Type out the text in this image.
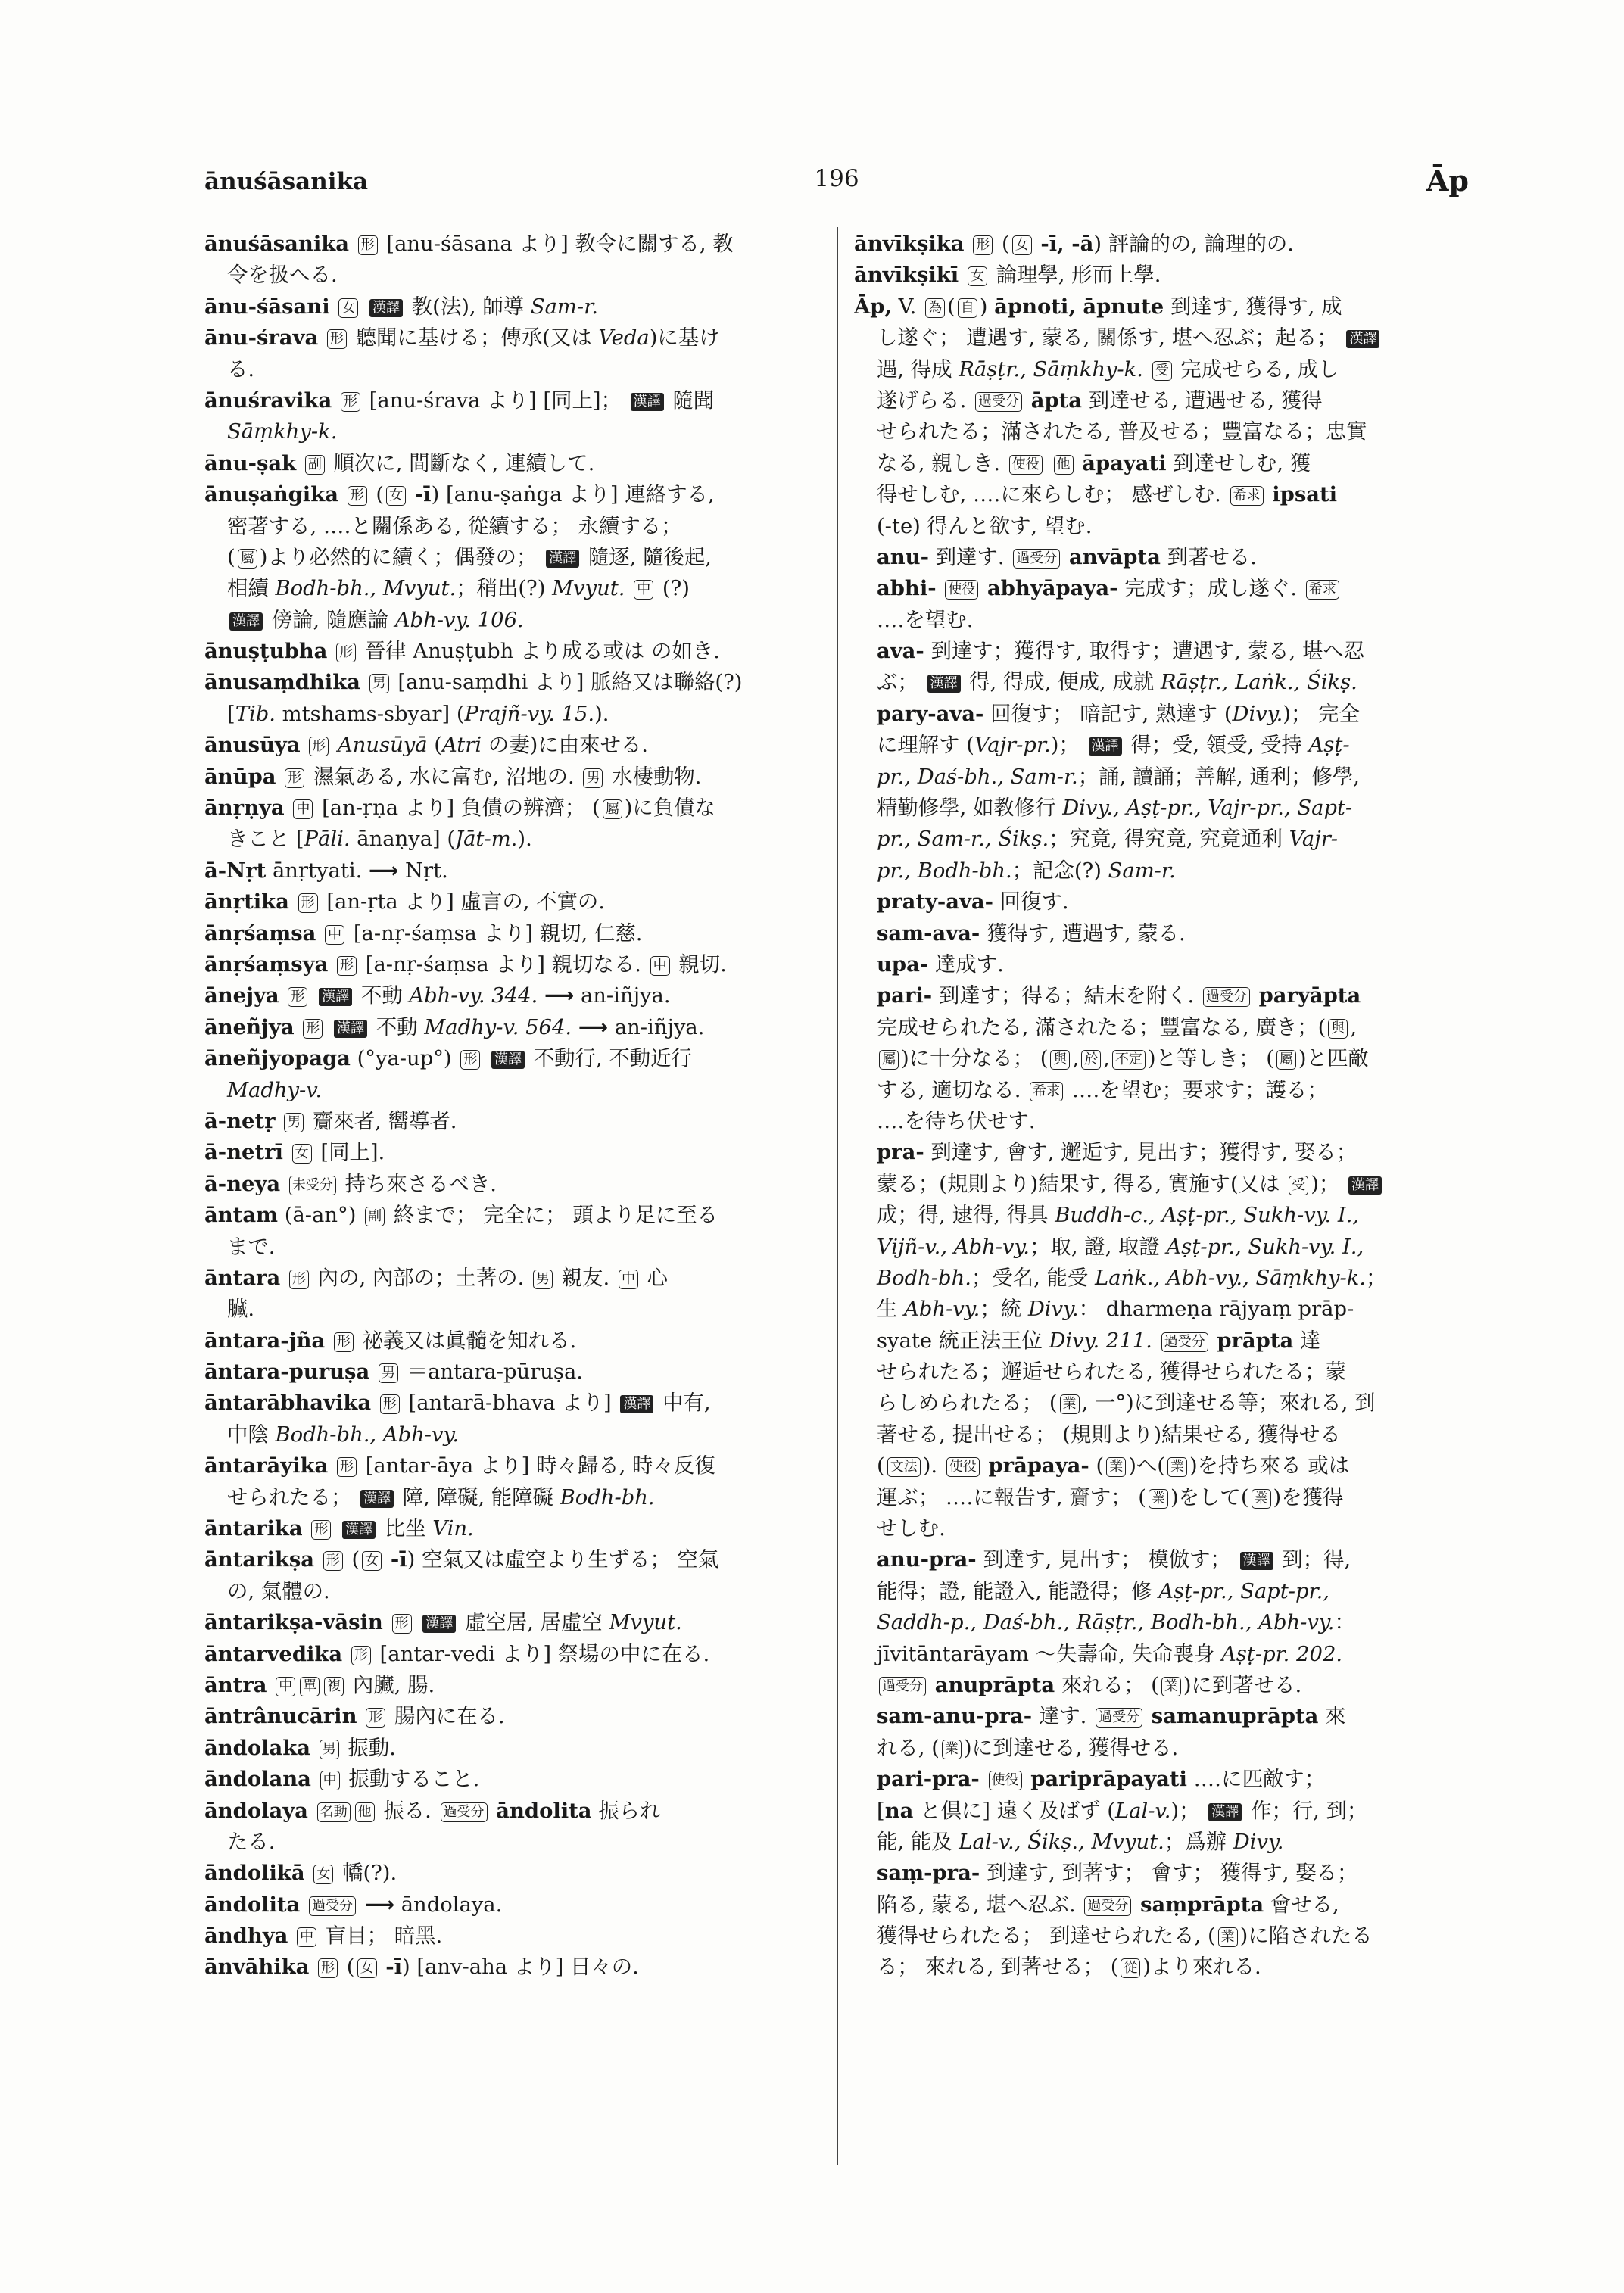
ānuśāsanika	196	Āp
ānuśāsanika 形 [anu-śāsana より] 教令に關する, 教
令を扱へる.
ānu-śāsani 女 漢譯 教(法), 師導 Sam-r.
ānu-śrava 形 聽聞に基ける；傳承(又は Veda)に基け
る.
ānuśravika 形 [anu-śrava より] [同上]； 漢譯 隨聞
Sāṃkhy-k.
ānu-ṣak 副 順次に, 間斷なく, 連續して.
ānuṣaṅgika 形 ( 女 -ī) [anu-ṣaṅga より] 連絡する,
密著する, ‥‥と關係ある, 從續する； 永續する；
( 屬 )より必然的に續く；偶發の； 漢譯 隨逐, 隨後起,
相續 Bodh-bh., Mvyut.；稍出(?) Mvyut. 中 (?)
漢譯 傍論, 隨應論 Abh-vy. 106.
ānuṣṭubha 形 晉律 Anuṣṭubh より成る或は の如き.
ānusaṃdhika 男 [anu-saṃdhi より] 脈絡又は聯絡(?)
[Tib. mtshams-sbyar] (Prajñ-vy. 15.).
ānusūya 形 Anusūyā (Atri の妻)に由來せる.
ānūpa 形 濕氣ある, 水に富む, 沼地の. 男 水棲動物.
ānṛṇya 中 [an-ṛṇa より] 負債の辨濟； ( 屬 )に負債な
きこと [Pāli. ānaṇya] (Jāt-m.).
ā-Nṛt ānṛtyati. ⟶ Nṛt.
ānṛtika 形 [an-ṛta より] 虛言の, 不實の.
ānṛśaṃsa 中 [a-nṛ-śaṃsa より] 親切, 仁慈.
ānṛśaṃsya 形 [a-nṛ-śaṃsa より] 親切なる. 中 親切.
ānejya 形 漢譯 不動 Abh-vy. 344. ⟶ an-iñjya.
āneñjya 形 漢譯 不動 Madhy-v. 564. ⟶ an-iñjya.
āneñjyopaga (°ya-up°) 形 漢譯 不動行, 不動近行
Madhy-v.
ā-netṛ 男 齎來者, 嚮導者.
ā-netrī 女 [同上].
ā-neya 未受分 持ち來さるべき.
āntam (ā-an°) 副 終まで； 完全に； 頭より足に至る
まで.
āntara 形 內の, 內部の；土著の. 男 親友. 中 心
臟.
āntara-jña 形 祕義又は眞髓を知れる.
āntara-puruṣa 男 ＝antara-pūruṣa.
āntarābhavika 形 [antarā-bhava より] 漢譯 中有,
中陰 Bodh-bh., Abh-vy.
āntarāyika 形 [antar-āya より] 時々歸る, 時々反復
せられたる； 漢譯 障, 障礙, 能障礙 Bodh-bh.
āntarika 形 漢譯 比坐 Vin.
āntarikṣa 形 ( 女 -ī) 空氣又は虛空より生ずる； 空氣
の, 氣體の.
āntarikṣa-vāsin 形 漢譯 虛空居, 居虛空 Mvyut.
āntarvedika 形 [antar-vedi より] 祭場の中に在る.
āntra 中 單 複 內臟, 腸.
āntrânucārin 形 腸內に在る.
āndolaka 男 振動.
āndolana 中 振動すること.
āndolaya 名動 他 振る. 過受分 āndolita 振られ
たる.
āndolikā 女 轎(?).
āndolita 過受分 ⟶ āndolaya.
āndhya 中 盲目； 暗黑.
ānvāhika 形 ( 女 -ī) [anv-aha より] 日々の.
ānvīkṣika 形 ( 女 -ī, -ā) 評論的の, 論理的の.
ānvīkṣikī 女 論理學, 形而上學.
Āp, V. 為 ( 自 ) āpnoti, āpnute 到達す, 獲得す, 成
し遂ぐ； 遭遇す, 蒙る, 關係す, 堪へ忍ぶ；起る； 漢譯
遇, 得成 Rāṣṭr., Sāṃkhy-k. 受 完成せらる, 成し
遂げらる. 過受分 āpta 到達せる, 遭遇せる, 獲得
せられたる；滿されたる, 普及せる；豐富なる；忠實
なる, 親しき. 使役 他 āpayati 到達せしむ, 獲
得せしむ, ‥‥に來らしむ； 感ぜしむ. 希求 ipsati
(-te) 得んと欲す, 望む.
anu- 到達す. 過受分 anvāpta 到著せる.
abhi- 使役 abhyāpaya- 完成す；成し遂ぐ. 希求
‥‥を望む.
ava- 到達す；獲得す, 取得す；遭遇す, 蒙る, 堪へ忍
ぶ； 漢譯 得, 得成, 便成, 成就 Rāṣṭr., Laṅk., Śikṣ.
pary-ava- 回復す； 暗記す, 熟達す (Divy.)； 完全
に理解す (Vajr-pr.)； 漢譯 得；受, 領受, 受持 Aṣṭ-
pr., Daś-bh., Sam-r.；誦, 讀誦；善解, 通利；修學,
精勤修學, 如教修行 Divy., Aṣṭ-pr., Vajr-pr., Sapt-
pr., Sam-r., Śikṣ.；究竟, 得究竟, 究竟通利 Vajr-
pr., Bodh-bh.；記念(?) Sam-r.
praty-ava- 回復す.
sam-ava- 獲得す, 遭遇す, 蒙る.
upa- 達成す.
pari- 到達す；得る；結末を附く. 過受分 paryāpta
完成せられたる, 滿されたる；豐富なる, 廣き；( 與 ,
屬 )に十分なる； ( 與 , 於 , 不定 )と等しき； ( 屬 )と匹敵
する, 適切なる. 希求 ‥‥を望む；要求す；護る；
‥‥を待ち伏せす.
pra- 到達す, 會す, 邂逅す, 見出す；獲得す, 娶る；
蒙る；(規則より)結果す, 得る, 實施す(又は 受 )； 漢譯
成；得, 逮得, 得具 Buddh-c., Aṣṭ-pr., Sukh-vy. I.,
Vijñ-v., Abh-vy.；取, 證, 取證 Aṣṭ-pr., Sukh-vy. I.,
Bodh-bh.；受名, 能受 Laṅk., Abh-vy., Sāṃkhy-k.；
生 Abh-vy.；統 Divy.： dharmeṇa rājyaṃ prāp-
syate 統正法王位 Divy. 211. 過受分 prāpta 達
せられたる；邂逅せられたる, 獲得せられたる；蒙
らしめられたる； ( 業 , 一°)に到達せる等；來れる, 到
著せる, 提出せる； (規則より)結果せる, 獲得せる
( 文法 ). 使役 prāpaya- ( 業 )へ( 業 )を持ち來る 或は
運ぶ； ‥‥に報告す, 齎す； ( 業 )をして( 業 )を獲得
せしむ.
anu-pra- 到達す, 見出す； 模倣す； 漢譯 到；得,
能得；證, 能證入, 能證得；修 Aṣṭ-pr., Sapt-pr.,
Saddh-p., Daś-bh., Rāṣṭr., Bodh-bh., Abh-vy.：
jīvitāntarāyam ～失壽命, 失命喪身 Aṣṭ-pr. 202.
過受分 anuprāpta 來れる； ( 業 )に到著せる.
sam-anu-pra- 達す. 過受分 samanuprāpta 來
れる, ( 業 )に到達せる, 獲得せる.
pari-pra- 使役 pariprāpayati ‥‥に匹敵す；
[na と倶に] 遠く及ばず (Lal-v.)； 漢譯 作；行, 到；
能, 能及 Lal-v., Śikṣ., Mvyut.；爲辦 Divy.
saṃ-pra- 到達す, 到著す； 會す； 獲得す, 娶る；
陷る, 蒙る, 堪へ忍ぶ. 過受分 saṃprāpta 會せる,
獲得せられたる； 到達せられたる, ( 業 )に陷されたる
る； 來れる, 到著せる； ( 從 )より來れる.
